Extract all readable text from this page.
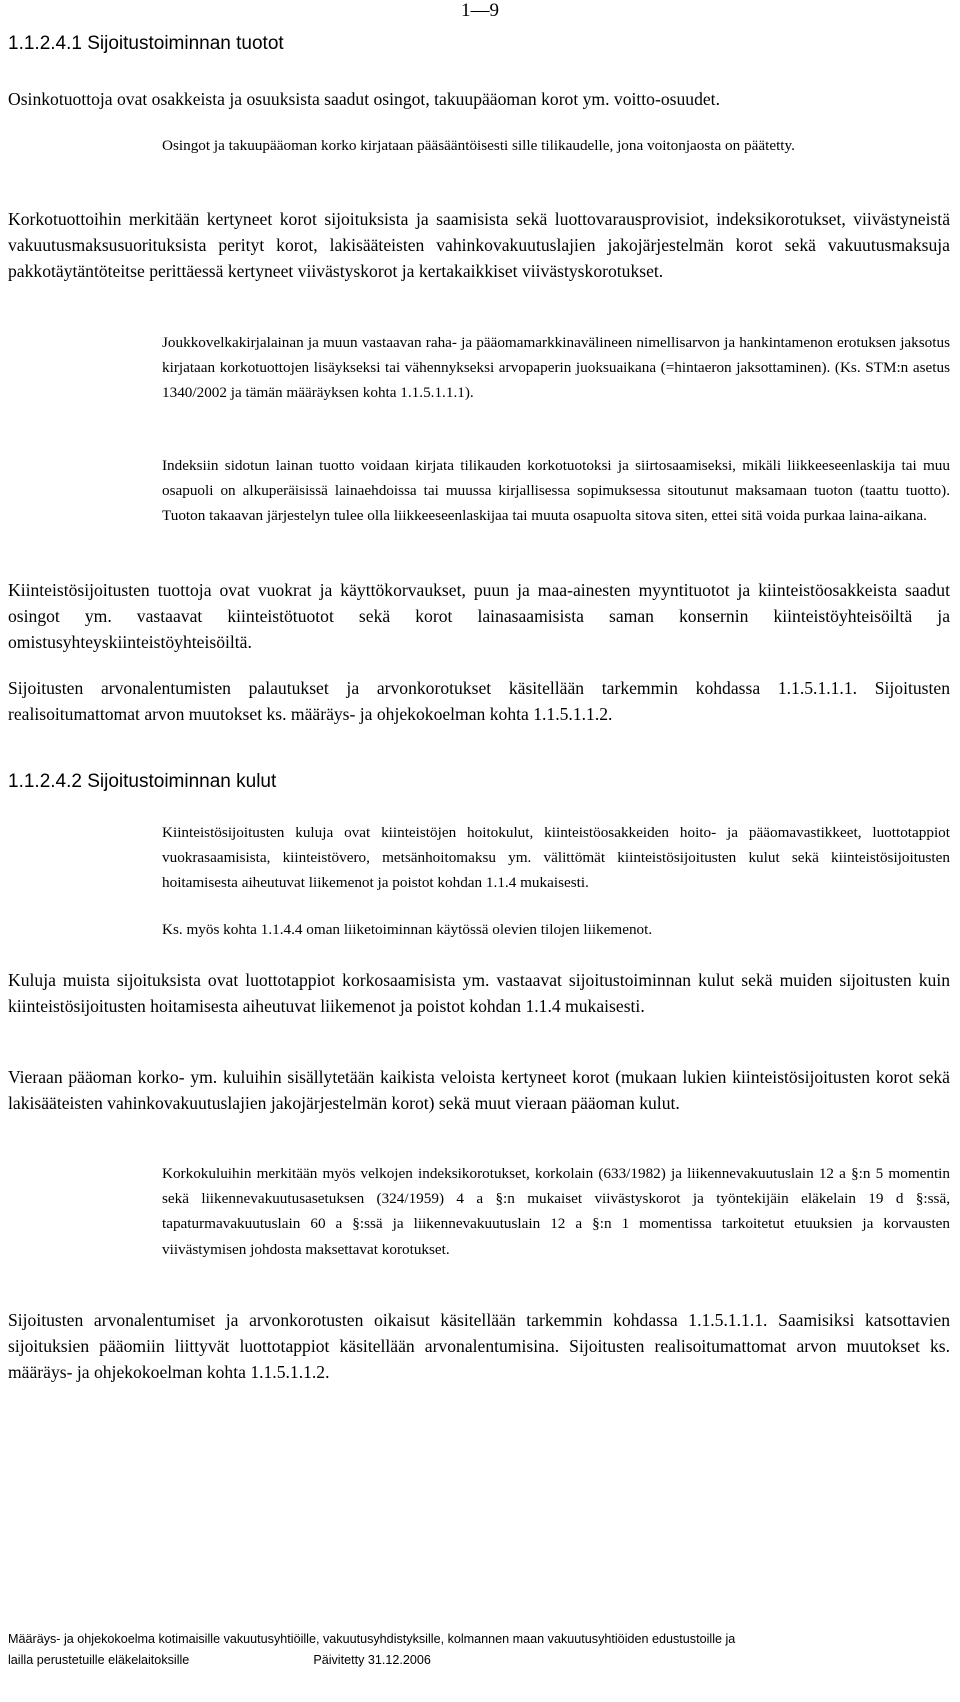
1—9
1.1.2.4.1 Sijoitustoiminnan tuotot

Osinkotuottoja ovat osakkeista ja osuuksista saadut osingot, takuupääoman korot ym. voitto-osuudet.

Osingot ja takuupääoman korko kirjataan pääsääntöisesti sille tilikaudelle, jona voitonjaosta on päätetty.

Korkotuottoihin merkitään kertyneet korot sijoituksista ja saamisista sekä luottovarausprovisiot, indeksikorotukset, viivästyneistä vakuutusmaksusuorituksista perityt korot, lakisääteisten vahinkovakuutuslajien jakojärjestelmän korot sekä vakuutusmaksuja pakkotäytäntöteitse perittäessä kertyneet viivästyskorot ja kertakaikkiset viivästyskorotukset.

Joukkovelkakirjalainan ja muun vastaavan raha- ja pääomamarkkinavälineen nimellisarvon ja hankintamenon erotuksen jaksotus kirjataan korkotuottojen lisäykseksi tai vähennykseksi arvopaperin juoksuaikana (=hintaeron jaksottaminen). (Ks. STM:n asetus 1340/2002 ja tämän määräyksen kohta 1.1.5.1.1.1).

Indeksiin sidotun lainan tuotto voidaan kirjata tilikauden korkotuotoksi ja siirtosaamiseksi, mikäli liikkeeseenlaskija tai muu osapuoli on alkuperäisissä lainaehdoissa tai muussa kirjallisessa sopimuksessa sitoutunut maksamaan tuoton (taattu tuotto). Tuoton takaavan järjestelyn tulee olla liikkeeseenlaskijaa tai muuta osapuolta sitova siten, ettei sitä voida purkaa laina-aikana.

Kiinteistösijoitusten tuottoja ovat vuokrat ja käyttökorvaukset, puun ja maa-ainesten myyntituotot ja kiinteistöosakkeista saadut osingot ym. vastaavat kiinteistötuotot sekä korot lainasaamisista saman konsernin kiinteistöyhteisöiltä ja omistusyhteyskiinteistöyhteisöiltä.

Sijoitusten arvonalentumisten palautukset ja arvonkorotukset käsitellään tarkemmin kohdassa 1.1.5.1.1.1. Sijoitusten realisoitumattomat arvon muutokset ks. määräys- ja ohjekokoelman kohta 1.1.5.1.1.2.

1.1.2.4.2 Sijoitustoiminnan kulut

Kiinteistösijoitusten kuluja ovat kiinteistöjen hoitokulut, kiinteistöosakkeiden hoito- ja pääomavastikkeet, luottotappiot vuokrasaamisista, kiinteistövero, metsänhoitomaksu ym. välittömät kiinteistösijoitusten kulut sekä kiinteistösijoitusten hoitamisesta aiheutuvat liikemenot ja poistot kohdan 1.1.4 mukaisesti.

Ks. myös kohta 1.1.4.4 oman liiketoiminnan käytössä olevien tilojen liikemenot.

Kuluja muista sijoituksista ovat luottotappiot korkosaamisista ym. vastaavat sijoitustoiminnan kulut sekä muiden sijoitusten kuin kiinteistösijoitusten hoitamisesta aiheutuvat liikemenot ja poistot kohdan 1.1.4 mukaisesti.

Vieraan pääoman korko- ym. kuluihin sisällytetään kaikista veloista kertyneet korot (mukaan lukien kiinteistösijoitusten korot sekä lakisääteisten vahinkovakuutuslajien jakojärjestelmän korot) sekä muut vieraan pääoman kulut.

Korkokuluihin merkitään myös velkojen indeksikorotukset, korkolain (633/1982) ja liikennevakuutuslain 12 a §:n 5 momentin sekä liikennevakuutusasetuksen (324/1959) 4 a §:n mukaiset viivästyskorot ja työntekijäin eläkelain 19 d §:ssä, tapaturmavakuutuslain 60 a §:ssä ja liikennevakuutuslain 12 a §:n 1 momentissa tarkoitetut etuuksien ja korvausten viivästymisen johdosta maksettavat korotukset.

Sijoitusten arvonalentumiset ja arvonkorotusten oikaisut käsitellään tarkemmin kohdassa 1.1.5.1.1.1. Saamisiksi katsottavien sijoituksien pääomiin liittyvät luottotappiot käsitellään arvonalentumisina. Sijoitusten realisoitumattomat arvon muutokset ks. määräys- ja ohjekokoelman kohta 1.1.5.1.1.2.

Määräys- ja ohjekokoelma kotimaisille vakuutusyhtiöille, vakuutusyhdistyksille, kolmannen maan vakuutusyhtiöiden edustustoille ja
lailla perustetuille eläkelaitoksille	Päivitetty 31.12.2006
